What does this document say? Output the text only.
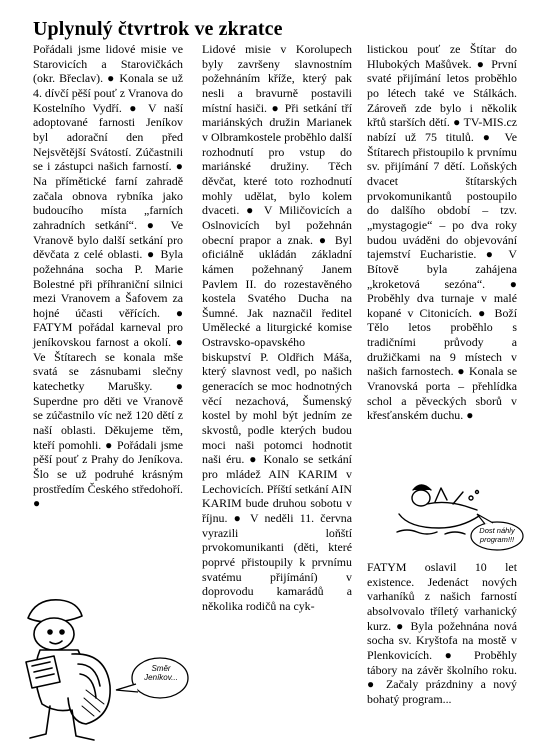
Uplynulý čtvrtrok ve zkratce

Pořádali jsme lidové misie ve Starovicích a Starovičkách (okr. Břeclav). ● Konala se už 4. dívčí pěší pouť z Vranova do Kostelního Vydří. ● V naší adoptované farnosti Jeníkov byl adorační den před Nejsvětější Svátostí. Zúčastnili se i zástupci našich farností. ● Na přímětické farní zahradě začala obnova rybníka jako budoucího místa „farních zahradních setkání“. ● Ve Vranově bylo další setkání pro děvčata z celé oblasti. ● Byla požehnána socha P. Marie Bolestné při příhraniční silnici mezi Vranovem a Šafovem za hojné účasti věřících. ● FATYM pořádal karneval pro jeníkovskou farnost a okolí. ● Ve Štítarech se konala mše svatá se zásnubami slečny katechetky Marušky. ● Superdne pro děti ve Vranově se zúčastnilo víc než 120 dětí z naší oblasti. Děkujeme těm, kteří pomohli. ● Pořádali jsme pěší pouť z Prahy do Jeníkova. Šlo se už podruhé krásným prostředím Českého středohoří. ●

Lidové misie v Korolupech byly završeny slavnostním požehnáním kříže, který pak nesli a bravurně postavili místní hasiči. ● Při setkání tří mariánských družin Marianek v Olbramkostele proběhlo další rozhodnutí pro vstup do mariánské družiny. Těch děvčat, které toto rozhodnutí mohly udělat, bylo kolem dvaceti. ● V Miličovicích a Oslnovicích byl požehnán obecní prapor a znak. ● Byl oficiálně ukládán základní kámen požehnaný Janem Pavlem II. do rozestavěného kostela Svatého Ducha na Šumné. Jak naznačil ředitel Umělecké a liturgické komise Ostravsko-opavského biskupství P. Oldřich Máša, který slavnost vedl, po našich generacích se moc hodnotných věcí nezachová, Šumenský kostel by mohl být jedním ze skvostů, podle kterých budou moci naši potomci hodnotit naši éru. ● Konalo se setkání pro mládež AIN KARIM v Lechovicích. Příští setkání AIN KARIM bude druhou sobotu v říjnu. ● V neděli 11. června vyrazili loňští prvokomunikanti (děti, které poprvé přistoupily k prvnímu svatému přijímání) v doprovodu kamarádů a několika rodičů na cyk-

listickou pouť ze Štítar do Hlubokých Mašůvek. ● První svaté přijímání letos proběhlo po létech také ve Stálkách. Zároveň zde bylo i několik křtů starších dětí. ● TV-MIS.cz nabízí už 75 titulů. ● Ve Štítarech přistoupilo k prvnímu sv. přijímání 7 dětí. Loňských dvacet štítarských prvokomunikantů postoupilo do dalšího období – tzv. „mystagogie“ – po dva roky budou uváděni do objevování tajemství Eucharistie. ● V Bítově byla zahájena „kroketová sezóna“. ● Proběhly dva turnaje v malé kopané v Citonicích. ● Boží Tělo letos proběhlo s tradičními průvody a družičkami na 9 místech v našich farnostech. ● Konala se Vranovská porta – přehlídka schol a pěveckých sborů v křesťanském duchu. ●

FATYM oslavil 10 let existence. Jedenáct nových varhaníků z našich farností absolvovalo tříletý varhanický kurz. ● Byla požehnána nová socha sv. Kryštofa na mostě v Plenkovicích. ● Proběhly tábory na závěr školního roku. ● Začaly prázdniny a nový bohatý program...

Směr Jeníkov...
Dost náhly program!!!
